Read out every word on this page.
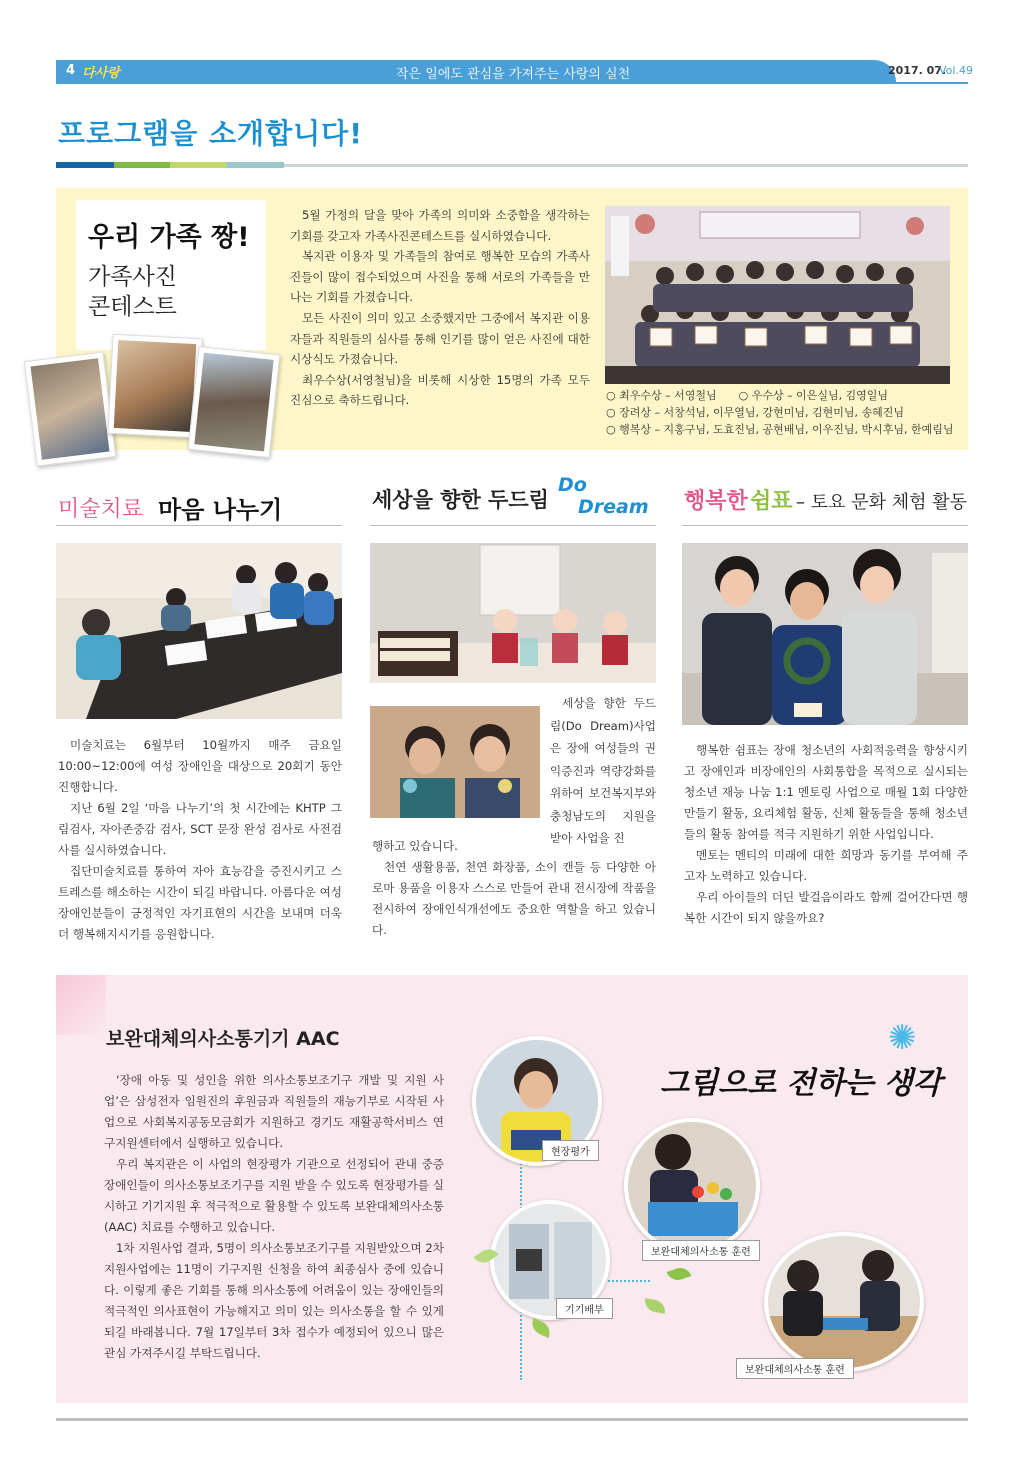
4 다사랑	작은 일에도 관심을 가져주는 사랑의 실천	2017. 07.
Vol.49
프로그램을 소개합니다!
우리 가족 짱!
가족사진
콘테스트

5월 가정의 달을 맞아 가족의 의미와 소중함을 생각하는 기회를 갖고자 가족사진콘테스트를 실시하였습니다.

복지관 이용자 및 가족들의 참여로 행복한 모습의 가족사진들이 많이 접수되었으며 사진을 통해 서로의 가족들을 만나는 기회를 가졌습니다.

모든 사진이 의미 있고 소중했지만 그중에서 복지관 이용자들과 직원들의 심사를 통해 인기를 많이 얻은 사진에 대한 시상식도 가졌습니다.

최우수상(서영철님)을 비롯해 시상한 15명의 가족 모두 진심으로 축하드립니다.	○ 최우수상 – 서영철님　　○ 우수상 – 이은실님, 김영일님
○ 장려상 – 서창석님, 이무열님, 강현미님, 김현미님, 송혜진님
○ 행복상 – 지홍구님, 도효진님, 공현배님, 이우진님, 박시후님, 한예림님
미술치료 마음 나누기	세상을 향한 두드림
Do
Dream 행복한 쉼표 – 토요 문화 체험 활동

미술치료는 6월부터 10월까지 매주 금요일 10:00~12:00에 여성 장애인을 대상으로 20회기 동안 진행합니다.

지난 6월 2일 ‘마음 나누기’의 첫 시간에는 KHTP 그림검사, 자아존중감 검사, SCT 문장 완성 검사로 사전검사를 실시하였습니다.

집단미술치료를 통하여 자아 효능감을 증진시키고 스트레스를 해소하는 시간이 되길 바랍니다. 아름다운 여성 장애인분들이 긍정적인 자기표현의 시간을 보내며 더욱 더 행복해지시기를 응원합니다.

세상을 향한 두드림(Do Dream)사업은 장애 여성들의 권익증진과 역량강화를 위하여 보건복지부와 충청남도의 지원을 받아 사업을 진

행하고 있습니다.

천연 생활용품, 천연 화장품, 소이 캔들 등 다양한 아로마 용품을 이용자 스스로 만들어 관내 전시장에 작품을 전시하여 장애인식개선에도 중요한 역할을 하고 있습니다.

행복한 쉼표는 장애 청소년의 사회적응력을 향상시키고 장애인과 비장애인의 사회통합을 목적으로 실시되는 청소년 재능 나눔 1:1 멘토링 사업으로 매월 1회 다양한 만들기 활동, 요리체험 활동, 신체 활동들을 통해 청소년들의 활동 참여를 적극 지원하기 위한 사업입니다.

멘토는 멘티의 미래에 대한 희망과 동기를 부여해 주고자 노력하고 있습니다.

우리 아이들의 더딘 발걸음이라도 함께 걸어간다면 행복한 시간이 되지 않을까요?

보완대체의사소통기기 AAC

‘장애 아동 및 성인을 위한 의사소통보조기구 개발 및 지원 사업’은 삼성전자 임원진의 후원금과 직원들의 재능기부로 시작된 사업으로 사회복지공동모금회가 지원하고 경기도 재활공학서비스 연구지원센터에서 실행하고 있습니다.

우리 복지관은 이 사업의 현장평가 기관으로 선정되어 관내 중증장애인들이 의사소통보조기구를 지원 받을 수 있도록 현장평가를 실시하고 기기지원 후 적극적으로 활용할 수 있도록 보완대체의사소통(AAC) 치료를 수행하고 있습니다.

1차 지원사업 결과, 5명이 의사소통보조기구를 지원받았으며 2차 지원사업에는 11명이 기구지원 신청을 하여 최종심사 중에 있습니다. 이렇게 좋은 기회를 통해 의사소통에 어려움이 있는 장애인들의 적극적인 의사표현이 가능해지고 의미 있는 의사소통을 할 수 있게 되길 바래봅니다. 7월 17일부터 3차 접수가 예정되어 있으니 많은 관심 가져주시길 부탁드립니다.

그림으로 전하는 생각
✺
현장평가
보완대체의사소통 훈련
기기배부
보완대체의사소통 훈련
